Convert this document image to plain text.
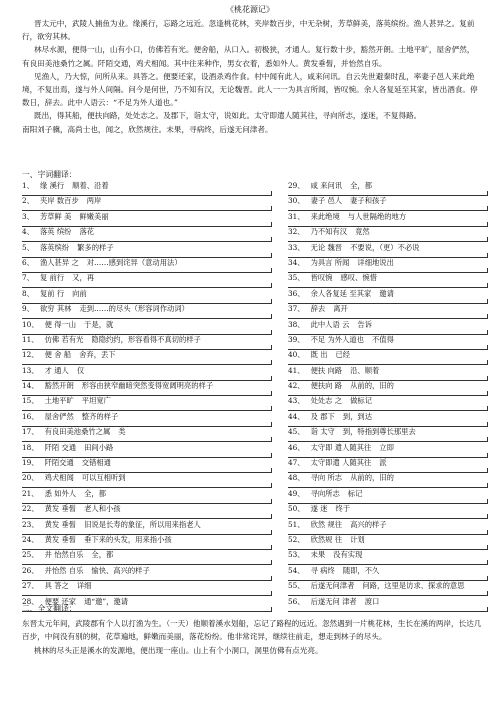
《桃花源记》

晋太元中，武陵人捕鱼为业。缘溪行，忘路之远近。忽逢桃花林，夹岸数百步，中无杂树，芳草鲜美，落英缤纷。渔人甚异之。复前行，欲穷其林。

林尽水源，便得一山，山有小口，仿佛若有光。便舍船，从口入。初极狭，才通人。复行数十步，豁然开朗。土地平旷，屋舍俨然，有良田美池桑竹之属。阡陌交通，鸡犬相闻。其中往来种作，男女衣着，悉如外人。黄发垂髫，并怡然自乐。

见渔人，乃大惊，问所从来。具答之。便要还家，设酒杀鸡作食。村中闻有此人，咸来问讯。自云先世避秦时乱，率妻子邑人来此绝境，不复出焉，遂与外人间隔。问今是何世，乃不知有汉，无论魏晋。此人一一为具言所闻，皆叹惋。余人各复延至其家，皆出酒食。停数日，辞去。此中人语云：“不足为外人道也。”

既出，得其船，便扶向路，处处志之。及郡下，诣太守，说如此。太守即遣人随其往，寻向所志，遂迷，不复得路。

南阳刘子骥，高尚士也，闻之，欣然规往。未果，寻病终，后遂无问津者。

一、字词翻译：
1、 缘 溪行 顺着、沿着
2、 夹岸 数百步 两岸
3、 芳草鲜 美 鲜嫩美丽
4、 落英 缤纷 落花
5、 落英缤纷 繁多的样子
6、 渔人甚异 之 对……感到诧异（意动用法）
7、 复 前行 又，再
8、 复前 行 向前
9、 欲穷 其林 走到……的尽头（形容词作动词）
10、 便 得一山 于是，就
11、 仿佛 若有光 隐隐约约，形容看得不真切的样子
12、 便 舍 船 舍弃，丢下
13、 才 通人 仅
14、 豁然开朗 形容由狭窄幽暗突然变得宽阔明亮的样子
15、 土地平旷 平坦宽广
16、 屋舍俨然 整齐的样子
17、 有良田美池桑竹之属 类
18、 阡陌 交通 田间小路
19、 阡陌交通 交错相通
20、 鸡犬相闻 可以互相听到
21、 悉 如外人 全，都
22、 黄发 垂髫 老人和小孩
23、 黄发 垂髫 旧说是长寿的象征，所以用来指老人
24、 黄发 垂髫 垂下来的头发，用来指小孩
25、 并 怡然自乐 全，都
26、 并怡然 自乐 愉快、高兴的样子
27、 具 答之 详细
28、 便要 还家 通“邀”，邀请
29、 咸 来问讯 全，都
30、 妻子 邑人 妻子和孩子
31、 来此绝境 与人世隔绝的地方
32、 乃不知有汉 竟然
33、 无论 魏晋 不要说，（更）不必说
34、 为具言 所闻 详细地说出
35、 皆叹惋 感叹、惋惜
36、 余人各复延 至其家 邀请
37、 辞去 离开
38、 此中人语 云 告诉
39、 不足 为外人道也 不值得
40、 既 出 已经
41、 便扶 向路 沿、顺着
42、 便扶向 路 从前的，旧的
43、 处处志 之 做标记
44、 及 郡下 到，到达
45、 诣 太守 到，特指到尊长那里去
46、 太守即 遣人随其往 立即
47、 太守即遣 人随其往 派
48、 寻向 所志 从前的，旧的
49、 寻向所志 标记
50、 遂 迷 终于
51、 欣然 规往 高兴的样子
52、 欣然规 往 计划
53、 未果 没有实现
54、 寻 病终 随即，不久
55、 后遂无问津者 问路，这里是访求、探求的意思
56、 后遂无问 津者 渡口
二、全文翻译：

东晋太元年间，武陵郡有个人以打渔为生。（一天）他顺着溪水划船，忘记了路程的远近。忽然遇到一片桃花林，生长在溪的两岸，长达几百步，中间没有别的树，花草遍地，鲜嫩而美丽，落花纷纷。他非常诧异，继续往前走，想走到林子的尽头。

桃林的尽头正是溪水的发源地，便出现一座山。山上有个小洞口，洞里仿佛有点光亮。
